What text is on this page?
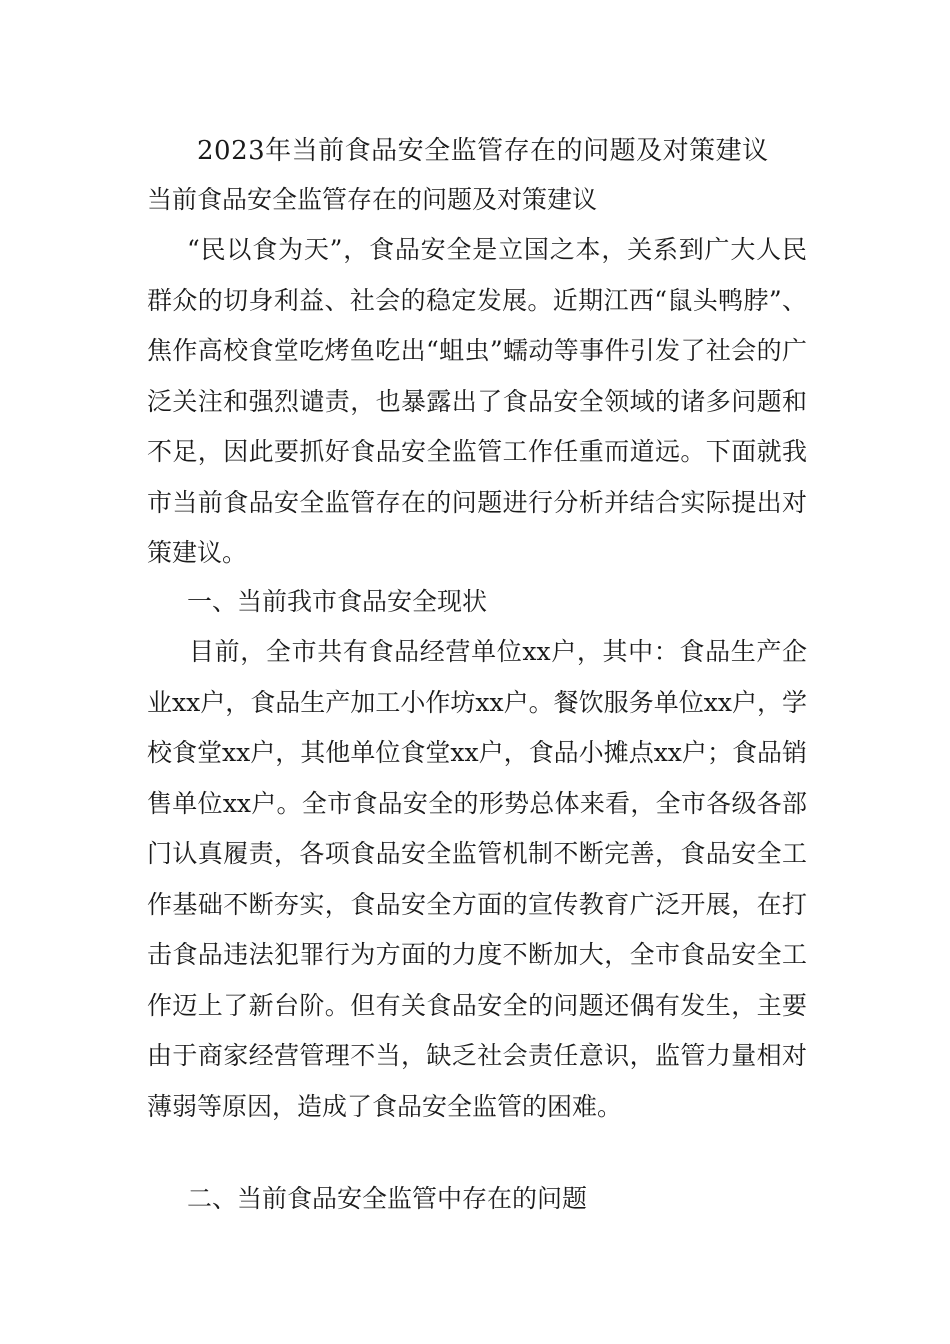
2023年当前食品安全监管存在的问题及对策建议
当前食品安全监管存在的问题及对策建议

“民以食为天”，食品安全是立国之本，关系到广大人民群众的切身利益、社会的稳定发展。近期江西“鼠头鸭脖”、焦作高校食堂吃烤鱼吃出“蛆虫”蠕动等事件引发了社会的广泛关注和强烈谴责，也暴露出了食品安全领域的诸多问题和不足，因此要抓好食品安全监管工作任重而道远。下面就我市当前食品安全监管存在的问题进行分析并结合实际提出对策建议。

一、当前我市食品安全现状

目前，全市共有食品经营单位xx户，其中：食品生产企业xx户，食品生产加工小作坊xx户。餐饮服务单位xx户，学校食堂xx户，其他单位食堂xx户，食品小摊点xx户；食品销售单位xx户。全市食品安全的形势总体来看，全市各级各部门认真履责，各项食品安全监管机制不断完善，食品安全工作基础不断夯实，食品安全方面的宣传教育广泛开展，在打击食品违法犯罪行为方面的力度不断加大，全市食品安全工作迈上了新台阶。但有关食品安全的问题还偶有发生，主要由于商家经营管理不当，缺乏社会责任意识，监管力量相对薄弱等原因，造成了食品安全监管的困难。

二、当前食品安全监管中存在的问题
